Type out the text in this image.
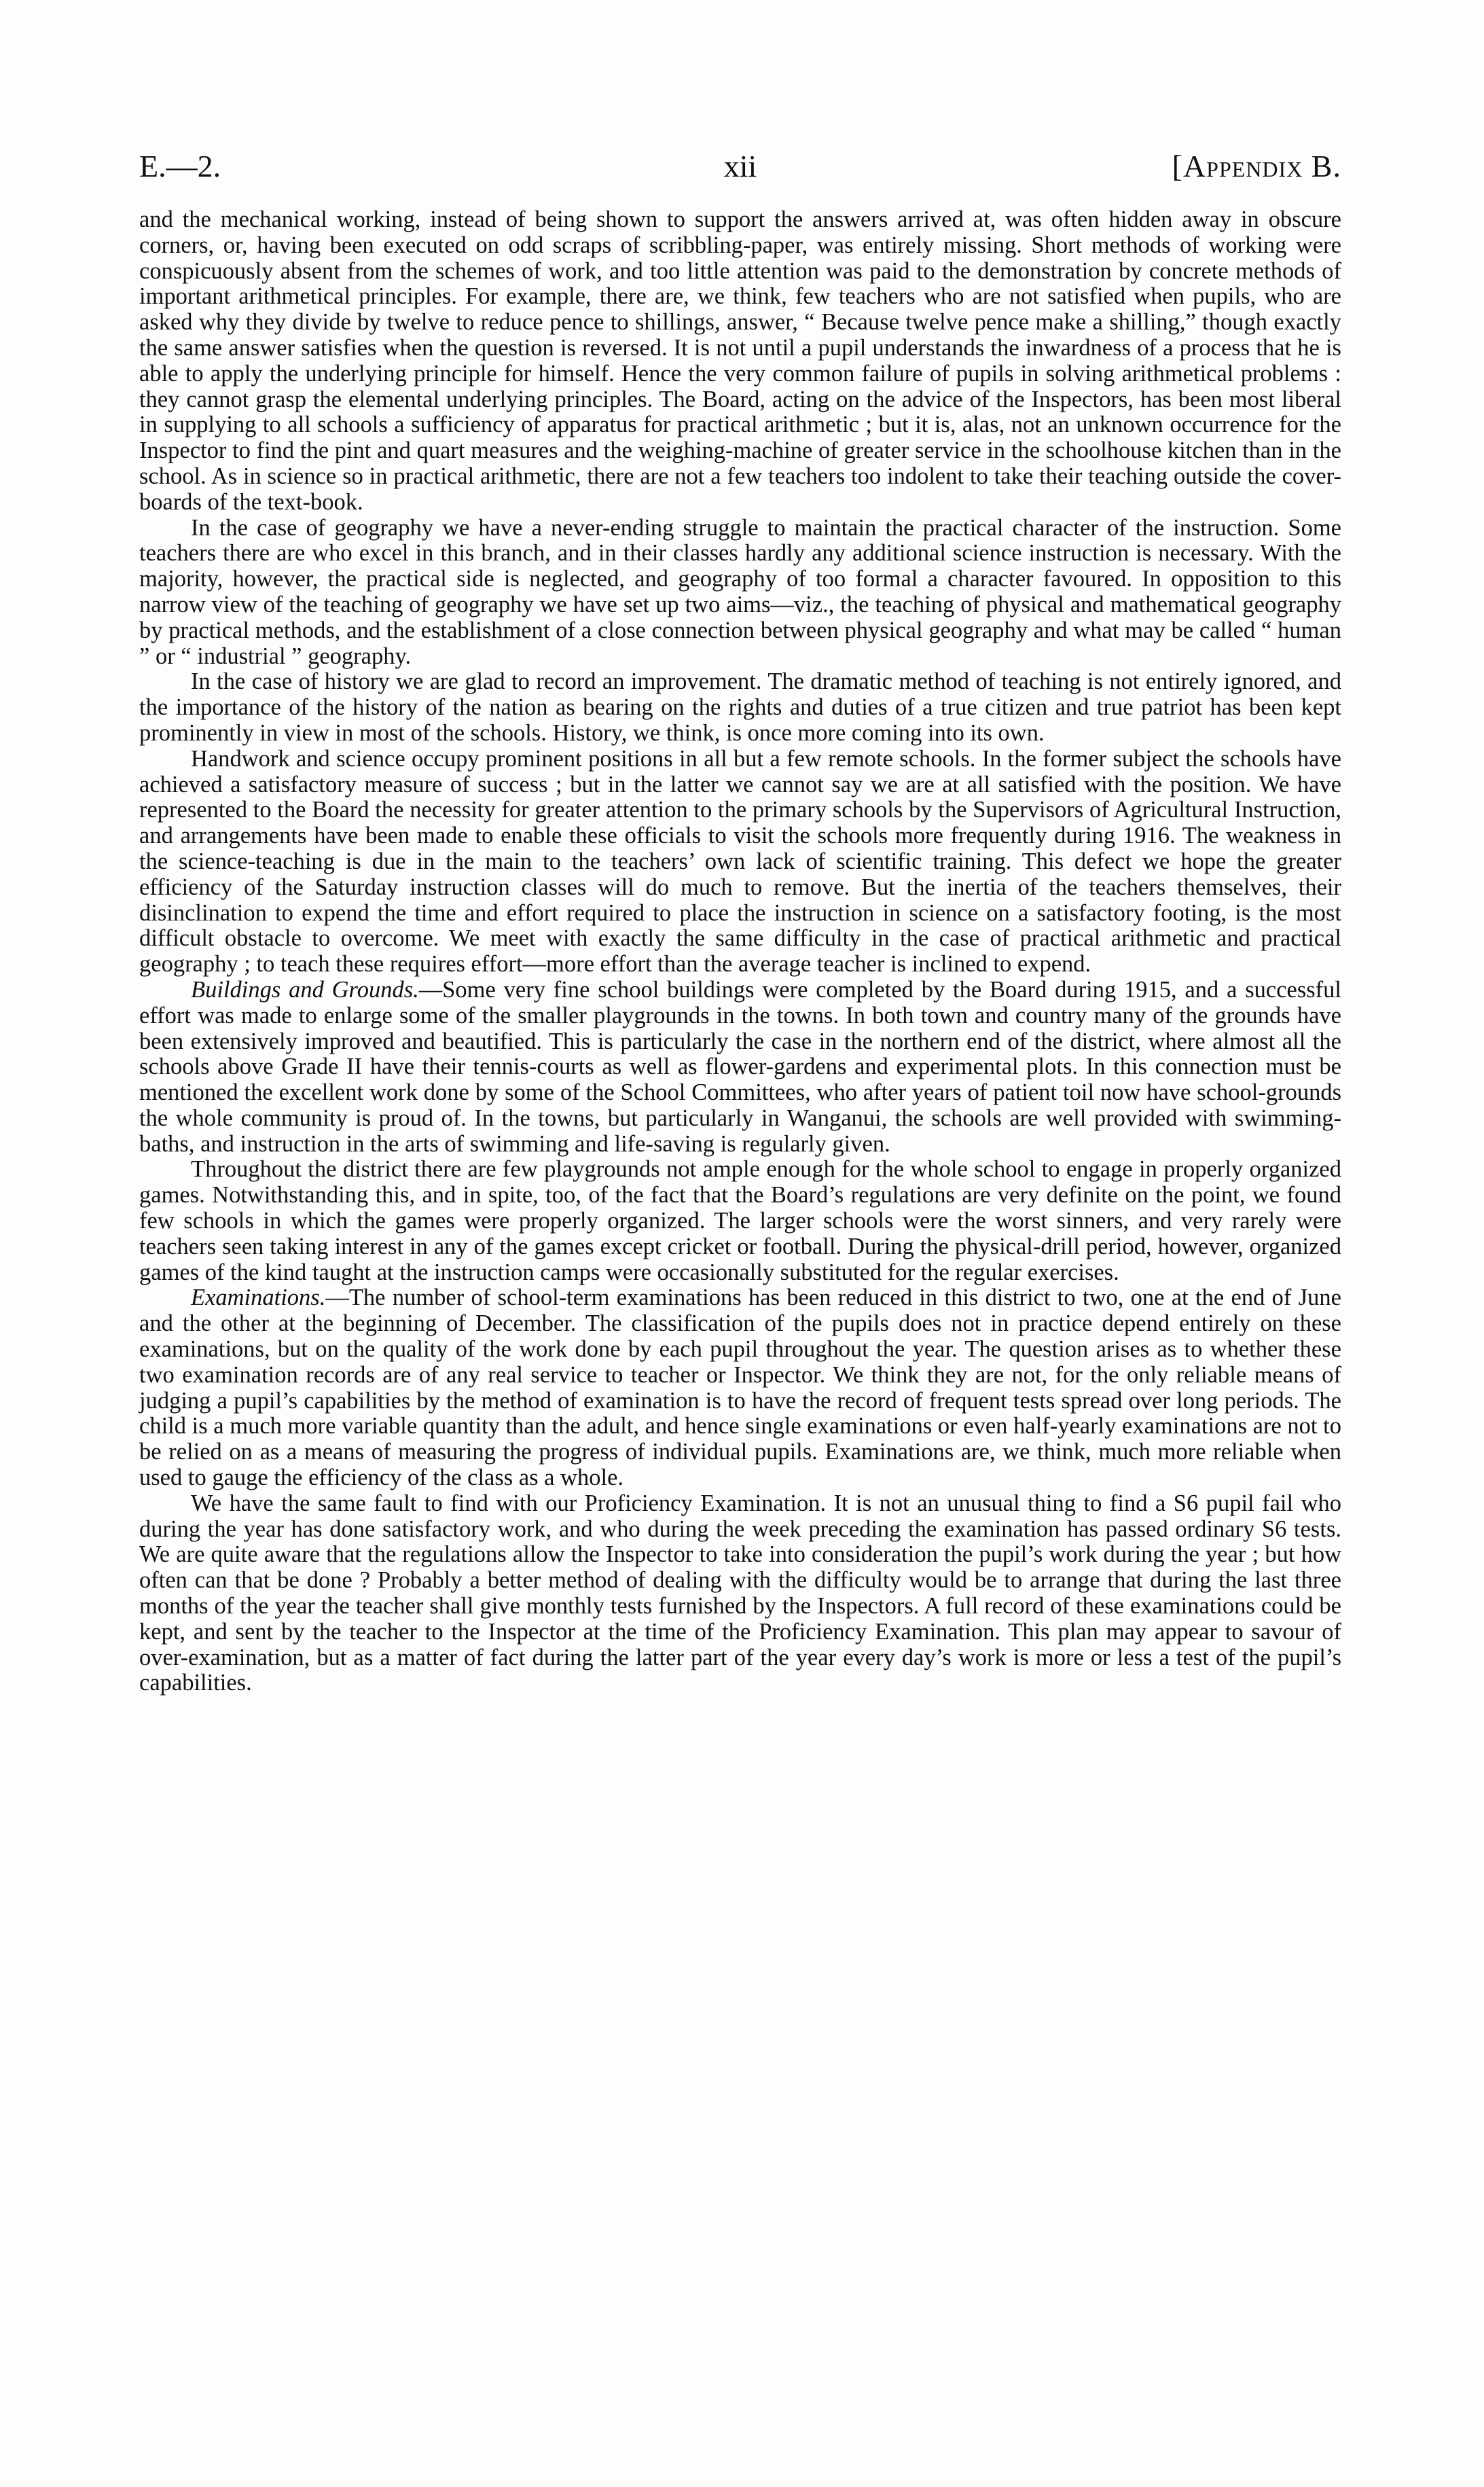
E.—2.	xii	[Appendix B.

and the mechanical working, instead of being shown to support the answers arrived at, was often hidden away in obscure corners, or, having been executed on odd scraps of scribbling-paper, was entirely missing. Short methods of working were conspicuously absent from the schemes of work, and too little attention was paid to the demonstration by concrete methods of important arithmetical principles. For example, there are, we think, few teachers who are not satisfied when pupils, who are asked why they divide by twelve to reduce pence to shillings, answer, “ Because twelve pence make a shilling,” though exactly the same answer satisfies when the question is reversed. It is not until a pupil understands the inwardness of a process that he is able to apply the underlying principle for himself. Hence the very common failure of pupils in solving arithmetical problems : they cannot grasp the elemental underlying principles. The Board, acting on the advice of the Inspectors, has been most liberal in supplying to all schools a sufficiency of apparatus for practical arithmetic ; but it is, alas, not an unknown occurrence for the Inspector to find the pint and quart measures and the weighing-machine of greater service in the schoolhouse kitchen than in the school. As in science so in practical arithmetic, there are not a few teachers too indolent to take their teaching outside the cover-boards of the text-book.

In the case of geography we have a never-ending struggle to maintain the practical character of the instruction. Some teachers there are who excel in this branch, and in their classes hardly any additional science instruction is necessary. With the majority, however, the practical side is neglected, and geography of too formal a character favoured. In opposition to this narrow view of the teaching of geography we have set up two aims—viz., the teaching of physical and mathematical geography by practical methods, and the establishment of a close connection between physical geography and what may be called “ human ” or “ industrial ” geography.

In the case of history we are glad to record an improvement. The dramatic method of teaching is not entirely ignored, and the importance of the history of the nation as bearing on the rights and duties of a true citizen and true patriot has been kept prominently in view in most of the schools. History, we think, is once more coming into its own.

Handwork and science occupy prominent positions in all but a few remote schools. In the former subject the schools have achieved a satisfactory measure of success ; but in the latter we cannot say we are at all satisfied with the position. We have represented to the Board the necessity for greater attention to the primary schools by the Supervisors of Agricultural Instruction, and arrangements have been made to enable these officials to visit the schools more frequently during 1916. The weakness in the science-teaching is due in the main to the teachers’ own lack of scientific training. This defect we hope the greater efficiency of the Saturday instruction classes will do much to remove. But the inertia of the teachers themselves, their disinclination to expend the time and effort required to place the instruction in science on a satisfactory footing, is the most difficult obstacle to overcome. We meet with exactly the same difficulty in the case of practical arithmetic and practical geography ; to teach these requires effort—more effort than the average teacher is inclined to expend.

Buildings and Grounds.—Some very fine school buildings were completed by the Board during 1915, and a successful effort was made to enlarge some of the smaller playgrounds in the towns. In both town and country many of the grounds have been extensively improved and beautified. This is particularly the case in the northern end of the district, where almost all the schools above Grade II have their tennis-courts as well as flower-gardens and experimental plots. In this connection must be mentioned the excellent work done by some of the School Committees, who after years of patient toil now have school-grounds the whole community is proud of. In the towns, but particularly in Wanganui, the schools are well provided with swimming-baths, and instruction in the arts of swimming and life-saving is regularly given.

Throughout the district there are few playgrounds not ample enough for the whole school to engage in properly organized games. Notwithstanding this, and in spite, too, of the fact that the Board’s regulations are very definite on the point, we found few schools in which the games were properly organized. The larger schools were the worst sinners, and very rarely were teachers seen taking interest in any of the games except cricket or football. During the physical-drill period, however, organized games of the kind taught at the instruction camps were occasionally substituted for the regular exercises.

Examinations.—The number of school-term examinations has been reduced in this district to two, one at the end of June and the other at the beginning of December. The classification of the pupils does not in practice depend entirely on these examinations, but on the quality of the work done by each pupil throughout the year. The question arises as to whether these two examination records are of any real service to teacher or Inspector. We think they are not, for the only reliable means of judging a pupil’s capabilities by the method of examination is to have the record of frequent tests spread over long periods. The child is a much more variable quantity than the adult, and hence single examinations or even half-yearly examinations are not to be relied on as a means of measuring the progress of individual pupils. Examinations are, we think, much more reliable when used to gauge the efficiency of the class as a whole.

We have the same fault to find with our Proficiency Examination. It is not an unusual thing to find a S6 pupil fail who during the year has done satisfactory work, and who during the week preceding the examination has passed ordinary S6 tests. We are quite aware that the regulations allow the Inspector to take into consideration the pupil’s work during the year ; but how often can that be done ? Probably a better method of dealing with the difficulty would be to arrange that during the last three months of the year the teacher shall give monthly tests furnished by the Inspectors. A full record of these examinations could be kept, and sent by the teacher to the Inspector at the time of the Proficiency Examination. This plan may appear to savour of over-examination, but as a matter of fact during the latter part of the year every day’s work is more or less a test of the pupil’s capabilities.
